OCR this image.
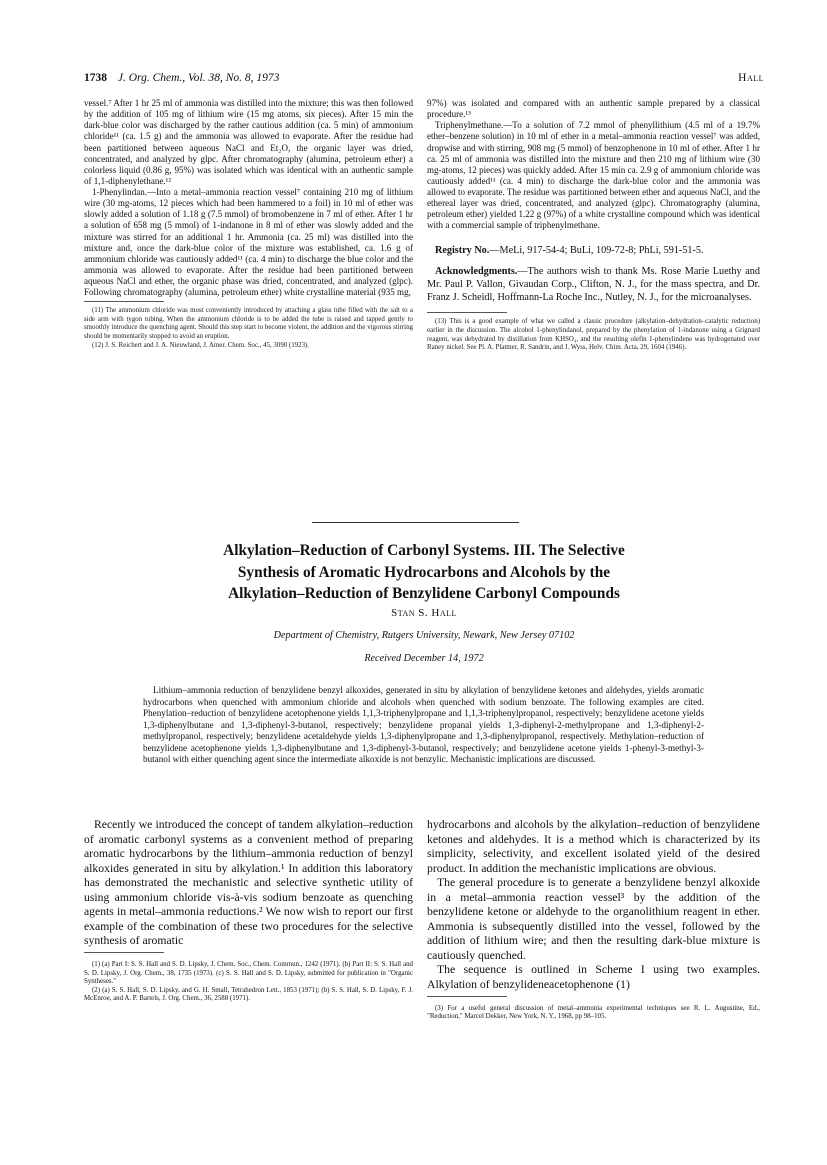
1738 J. Org. Chem., Vol. 38, No. 8, 1973	Hall

vessel.⁷ After 1 hr 25 ml of ammonia was distilled into the mixture; this was then followed by the addition of 105 mg of lithium wire (15 mg atoms, six pieces). After 15 min the dark-blue color was discharged by the rather cautious addition (ca. 5 min) of ammonium chloride¹¹ (ca. 1.5 g) and the ammonia was allowed to evaporate. After the residue had been partitioned between aqueous NaCl and Et₂O, the organic layer was dried, concentrated, and analyzed by glpc. After chromatography (alumina, petroleum ether) a colorless liquid (0.86 g, 95%) was isolated which was identical with an authentic sample of 1,1-diphenylethane.¹²

1-Phenylindan.—Into a metal–ammonia reaction vessel⁷ containing 210 mg of lithium wire (30 mg-atoms, 12 pieces which had been hammered to a foil) in 10 ml of ether was slowly added a solution of 1.18 g (7.5 mmol) of bromobenzene in 7 ml of ether. After 1 hr a solution of 658 mg (5 mmol) of 1-indanone in 8 ml of ether was slowly added and the mixture was stirred for an additional 1 hr. Ammonia (ca. 25 ml) was distilled into the mixture and, once the dark-blue color of the mixture was established, ca. 1.6 g of ammonium chloride was cautiously added¹¹ (ca. 4 min) to discharge the blue color and the ammonia was allowed to evaporate. After the residue had been partitioned between aqueous NaCl and ether, the organic phase was dried, concentrated, and analyzed (glpc). Following chromatography (alumina, petroleum ether) white crystalline material (935 mg,

(11) The ammonium chloride was most conveniently introduced by attaching a glass tube filled with the salt to a side arm with tygon tubing. When the ammonium chloride is to be added the tube is raised and tapped gently to smoothly introduce the quenching agent. Should this step start to become violent, the addition and the vigorous stirring should be momentarily stopped to avoid an eruption.

(12) J. S. Reichert and J. A. Nieuwland, J. Amer. Chem. Soc., 45, 3090 (1923).

97%) was isolated and compared with an authentic sample prepared by a classical procedure.¹³

Triphenylmethane.—To a solution of 7.2 mmol of phenyllithium (4.5 ml of a 19.7% ether–benzene solution) in 10 ml of ether in a metal–ammonia reaction vessel⁷ was added, dropwise and with stirring, 908 mg (5 mmol) of benzophenone in 10 ml of ether. After 1 hr ca. 25 ml of ammonia was distilled into the mixture and then 210 mg of lithium wire (30 mg-atoms, 12 pieces) was quickly added. After 15 min ca. 2.9 g of ammonium chloride was cautiously added¹¹ (ca. 4 min) to discharge the dark-blue color and the ammonia was allowed to evaporate. The residue was partitioned between ether and aqueous NaCl, and the ethereal layer was dried, concentrated, and analyzed (glpc). Chromatography (alumina, petroleum ether) yielded 1.22 g (97%) of a white crystalline compound which was identical with a commercial sample of triphenylmethane.

Registry No.—MeLi, 917-54-4; BuLi, 109-72-8; PhLi, 591-51-5.

Acknowledgments.—The authors wish to thank Ms. Rose Marie Luethy and Mr. Paul P. Vallon, Givaudan Corp., Clifton, N. J., for the mass spectra, and Dr. Franz J. Scheidl, Hoffmann-La Roche Inc., Nutley, N. J., for the microanalyses.

(13) This is a good example of what we called a classic procedure (alkylation–dehydration–catalytic reduction) earlier in the discussion. The alcohol 1-phenylindanol, prepared by the phenylation of 1-indanone using a Grignard reagent, was dehydrated by distillation from KHSO₄, and the resulting olefin 1-phenylindene was hydrogenated over Raney nickel. See Pl. A. Plattner, R. Sandrin, and J. Wyss, Helv. Chim. Acta, 29, 1604 (1946).

Alkylation–Reduction of Carbonyl Systems. III. The Selective
Synthesis of Aromatic Hydrocarbons and Alcohols by the
Alkylation–Reduction of Benzylidene Carbonyl Compounds
Stan S. Hall
Department of Chemistry, Rutgers University, Newark, New Jersey 07102
Received December 14, 1972
Lithium–ammonia reduction of benzylidene benzyl alkoxides, generated in situ by alkylation of benzylidene ketones and aldehydes, yields aromatic hydrocarbons when quenched with ammonium chloride and alcohols when quenched with sodium benzoate. The following examples are cited. Phenylation–reduction of benzylidene acetophenone yields 1,1,3-triphenylpropane and 1,1,3-triphenylpropanol, respectively; benzylidene acetone yields 1,3-diphenylbutane and 1,3-diphenyl-3-butanol, respectively; benzylidene propanal yields 1,3-diphenyl-2-methylpropane and 1,3-diphenyl-2-methylpropanol, respectively; benzylidene acetaldehyde yields 1,3-diphenylpropane and 1,3-diphenylpropanol, respectively. Methylation–reduction of benzylidene acetophenone yields 1,3-diphenylbutane and 1,3-diphenyl-3-butanol, respectively; and benzylidene acetone yields 1-phenyl-3-methyl-3-butanol with either quenching agent since the intermediate alkoxide is not benzylic. Mechanistic implications are discussed.

Recently we introduced the concept of tandem alkylation–reduction of aromatic carbonyl systems as a convenient method of preparing aromatic hydrocarbons by the lithium–ammonia reduction of benzyl alkoxides generated in situ by alkylation.¹ In addition this laboratory has demonstrated the mechanistic and selective synthetic utility of using ammonium chloride vis-à-vis sodium benzoate as quenching agents in metal–ammonia reductions.² We now wish to report our first example of the combination of these two procedures for the selective synthesis of aromatic

(1) (a) Part I: S. S. Hall and S. D. Lipsky, J. Chem. Soc., Chem. Commun., 1242 (1971). (b) Part II: S. S. Hall and S. D. Lipsky, J. Org. Chem., 38, 1735 (1973). (c) S. S. Hall and S. D. Lipsky, submitted for publication in "Organic Syntheses."

(2) (a) S. S. Hall, S. D. Lipsky, and G. H. Small, Tetrahedron Lett., 1853 (1971); (b) S. S. Hall, S. D. Lipsky, F. J. McEnroe, and A. P. Bartels, J. Org. Chem., 36, 2588 (1971).

hydrocarbons and alcohols by the alkylation–reduction of benzylidene ketones and aldehydes. It is a method which is characterized by its simplicity, selectivity, and excellent isolated yield of the desired product. In addition the mechanistic implications are obvious.

The general procedure is to generate a benzylidene benzyl alkoxide in a metal–ammonia reaction vessel³ by the addition of the benzylidene ketone or aldehyde to the organolithium reagent in ether. Ammonia is subsequently distilled into the vessel, followed by the addition of lithium wire; and then the resulting dark-blue mixture is cautiously quenched.

The sequence is outlined in Scheme I using two examples. Alkylation of benzylideneacetophenone (1)

(3) For a useful general discussion of metal–ammonia experimental techniques see R. L. Augustine, Ed., "Reduction," Marcel Dekker, New York, N. Y., 1968, pp 98–105.
